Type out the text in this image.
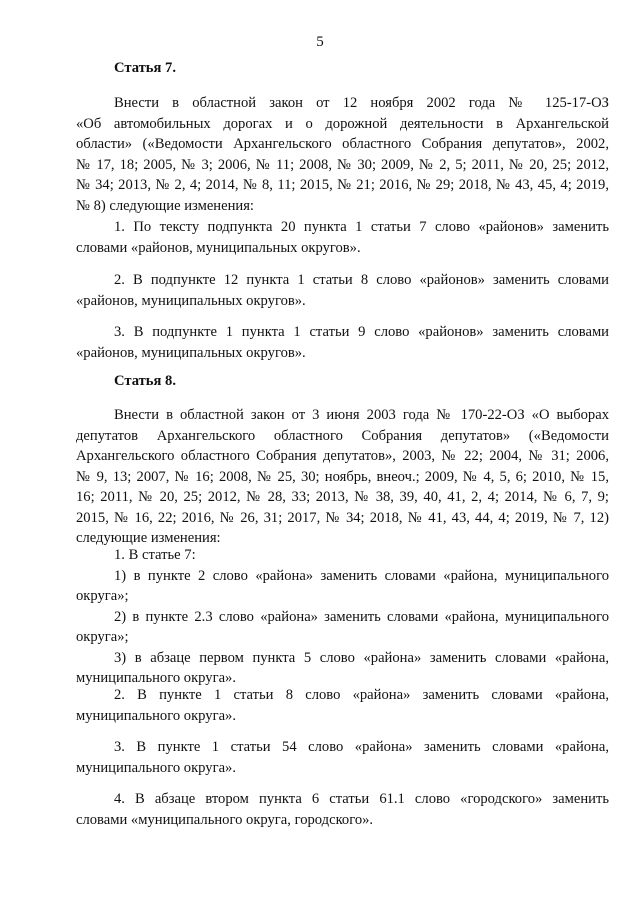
5
Статья 7.
Внести в областной закон от 12 ноября 2002 года № 125-17-ОЗ
«Об автомобильных дорогах и о дорожной деятельности в Архангельской
области» («Ведомости Архангельского областного Собрания депутатов», 2002,
№ 17, 18; 2005, № 3; 2006, № 11; 2008, № 30; 2009, № 2, 5; 2011, № 20, 25; 2012,
№ 34; 2013, № 2, 4; 2014, № 8, 11; 2015, № 21; 2016, № 29; 2018, № 43, 45, 4; 2019,
№ 8) следующие изменения:
1. По тексту подпункта 20 пункта 1 статьи 7 слово «районов» заменить
словами «районов, муниципальных округов».
2. В подпункте 12 пункта 1 статьи 8 слово «районов» заменить словами
«районов, муниципальных округов».
3. В подпункте 1 пункта 1 статьи 9 слово «районов» заменить словами
«районов, муниципальных округов».
Статья 8.
Внести в областной закон от 3 июня 2003 года № 170-22-ОЗ «О выборах
депутатов Архангельского областного Собрания депутатов» («Ведомости
Архангельского областного Собрания депутатов», 2003, № 22; 2004, № 31; 2006,
№ 9, 13; 2007, № 16; 2008, № 25, 30; ноябрь, внеоч.; 2009, № 4, 5, 6; 2010, № 15,
16; 2011, № 20, 25; 2012, № 28, 33; 2013, № 38, 39, 40, 41, 2, 4; 2014, № 6, 7, 9;
2015, № 16, 22; 2016, № 26, 31; 2017, № 34; 2018, № 41, 43, 44, 4; 2019, № 7, 12)
следующие изменения:
1. В статье 7:
1) в пункте 2 слово «района» заменить словами «района, муниципального
округа»;
2) в пункте 2.3 слово «района» заменить словами «района, муниципального
округа»;
3) в абзаце первом пункта 5 слово «района» заменить словами «района,
муниципального округа».
2. В пункте 1 статьи 8 слово «района» заменить словами «района,
муниципального округа».
3. В пункте 1 статьи 54 слово «района» заменить словами «района,
муниципального округа».
4. В абзаце втором пункта 6 статьи 61.1 слово «городского» заменить
словами «муниципального округа, городского».
